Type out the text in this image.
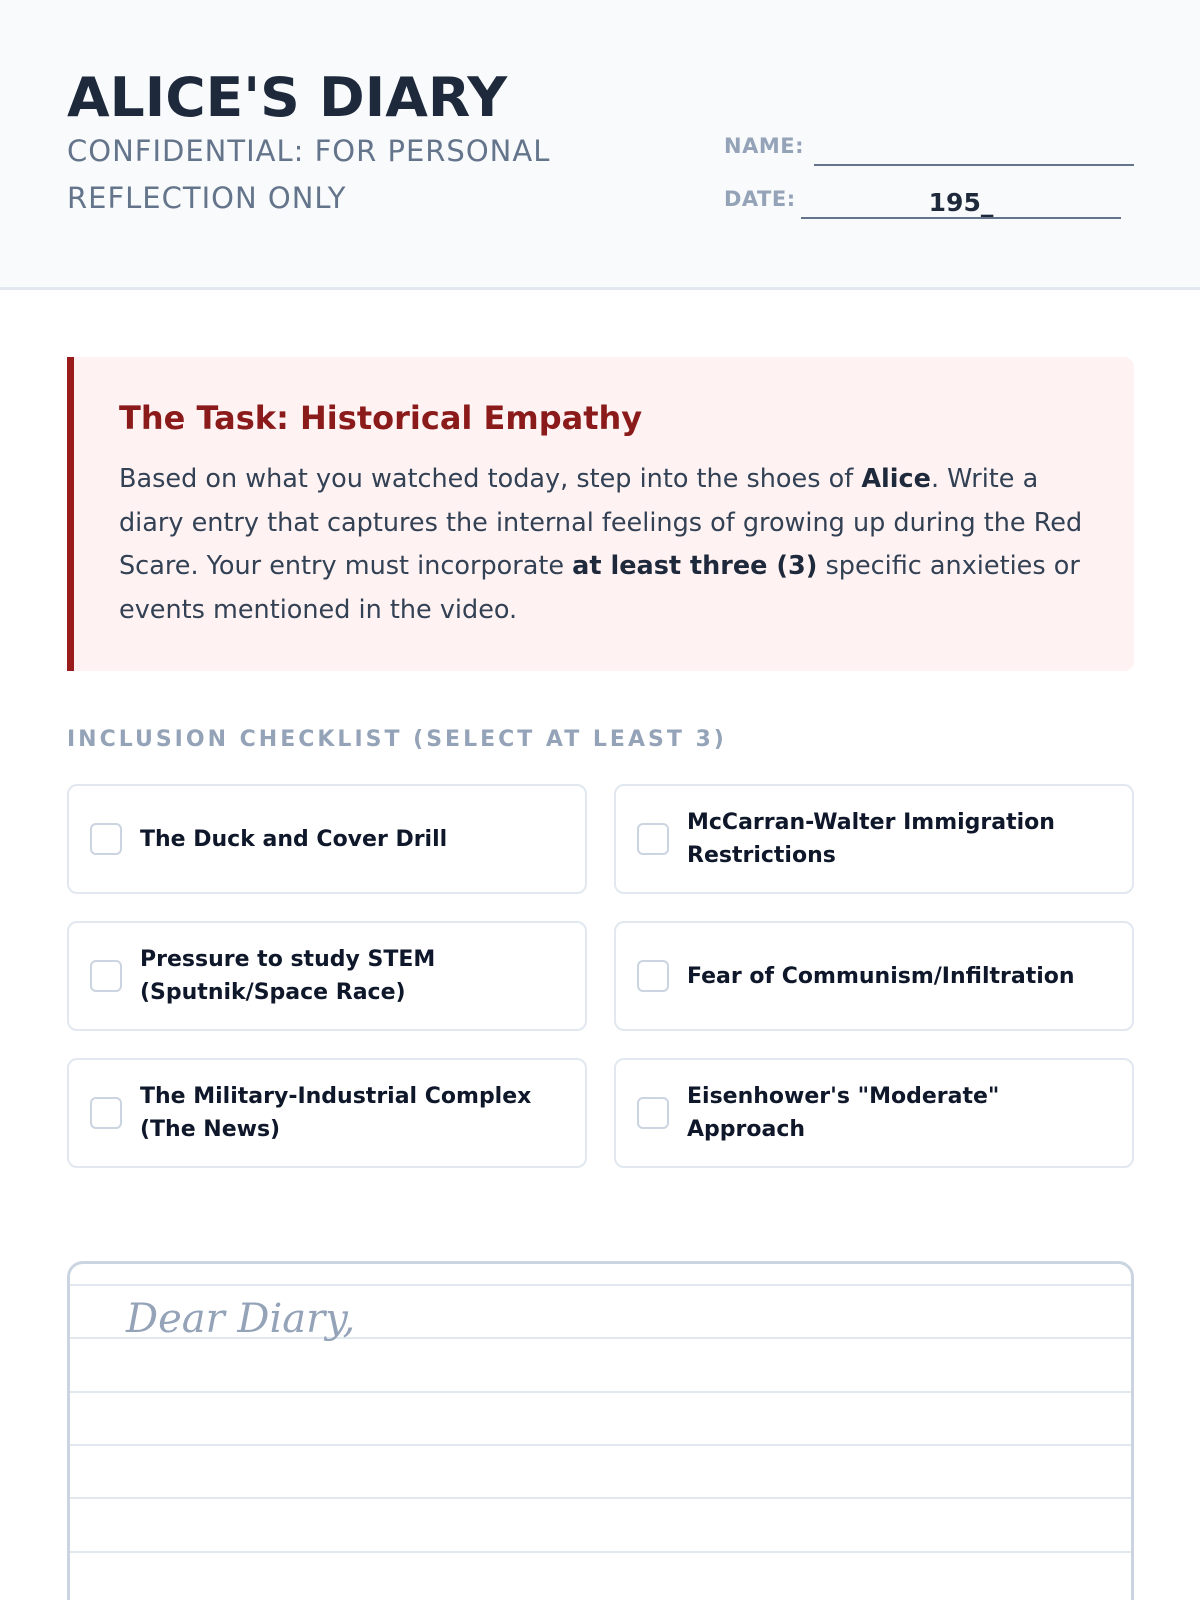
ALICE'S DIARY
CONFIDENTIAL: FOR PERSONAL REFLECTION ONLY
NAME:
DATE:	195_
The Task: Historical Empathy
Based on what you watched today, step into the shoes of Alice. Write a diary entry that captures the internal feelings of growing up during the Red Scare. Your entry must incorporate at least three (3) specific anxieties or events mentioned in the video.
INCLUSION CHECKLIST (SELECT AT LEAST 3)
The Duck and Cover Drill
McCarran-Walter Immigration Restrictions
Pressure to study STEM (Sputnik/Space Race)
Fear of Communism/Infiltration
The Military-Industrial Complex (The News)
Eisenhower's "Moderate" Approach
Dear Diary,
